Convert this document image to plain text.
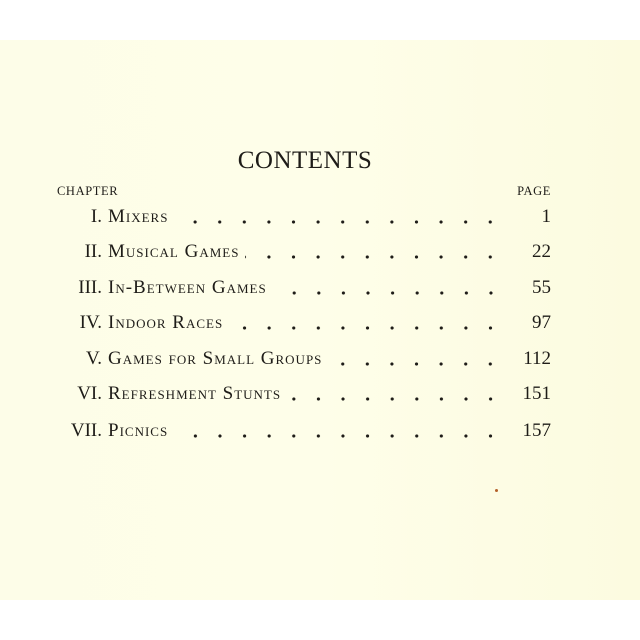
CONTENTS
CHAPTER	PAGE
I. Mixers	1
II. Musical Games	22
III. In-Between Games	55
IV. Indoor Races	97
V. Games for Small Groups	112
VI. Refreshment Stunts	151
VII. Picnics	157
